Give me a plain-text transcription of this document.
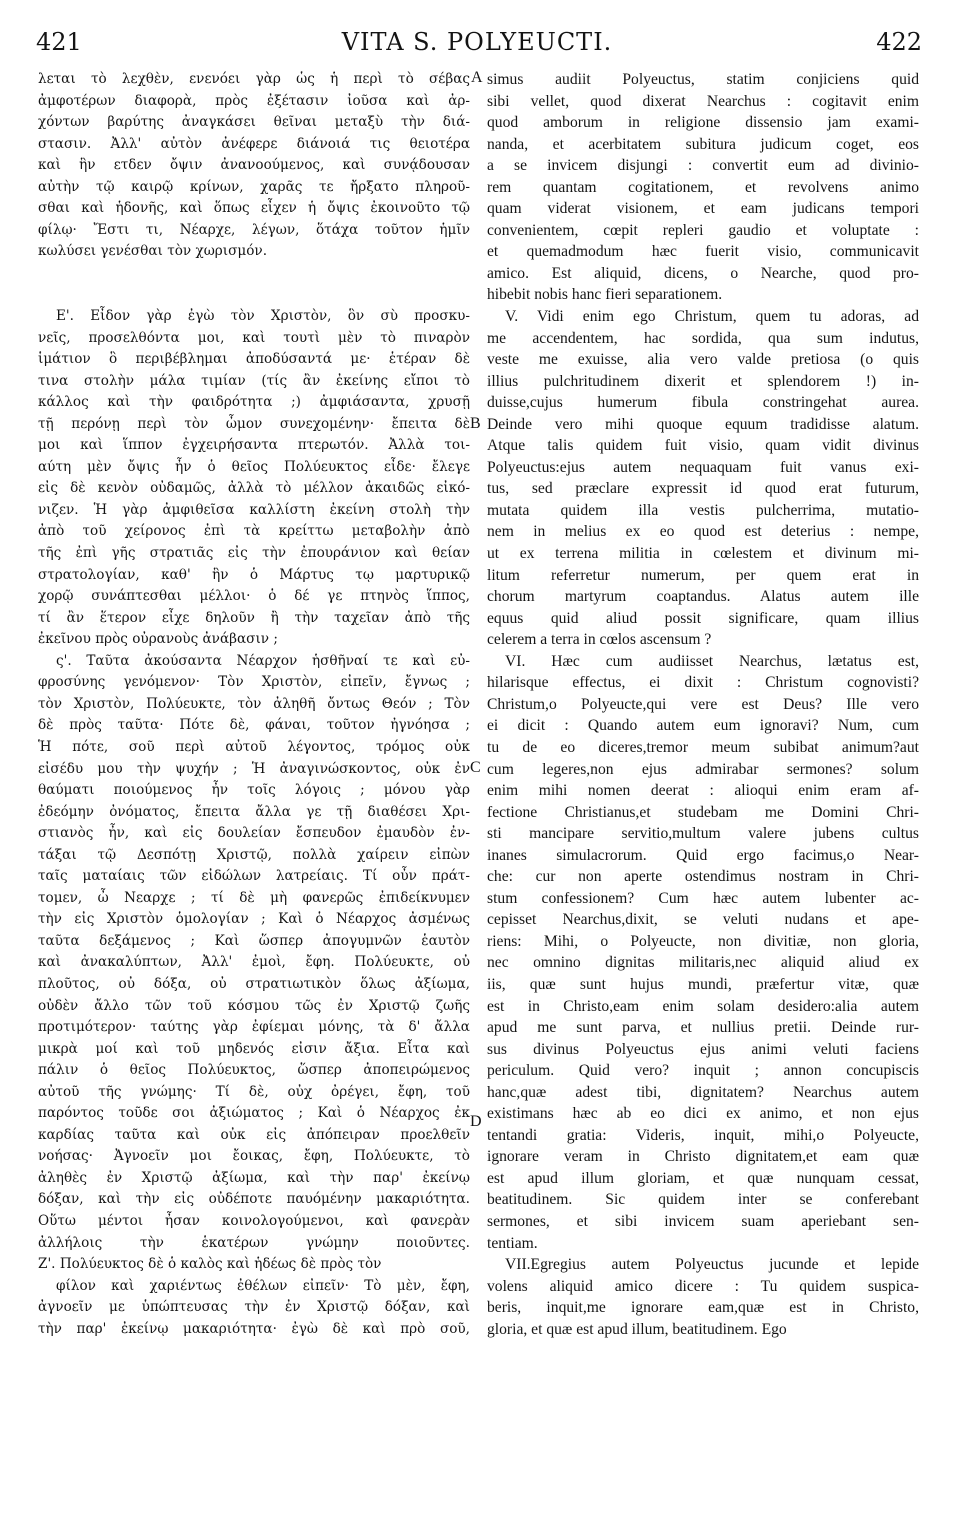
421	VITA S. POLYEUCTI.	422
λεται τὸ λεχθὲν, ενενόει γὰρ ὡς ἡ περὶ τὸ σέβας
ἀμφοτέρων διαφορὰ, πρὸς ἐξέτασιν ἰοῦσα καὶ ἀρ-
χόντων βαρύτης ἀναγκάσει θεῖναι μεταξὺ τὴν διά-
στασιν. Ἀλλ' αὐτὸν ἀνέφερε διάνοιά τις θειοτέρα
καὶ ἣν ετδεν ὄψιν ἀνανοούμενος, καὶ συνᾴδουσαν
αὐτὴν τῷ καιρῷ κρίνων, χαρᾶς τε ἤρξατο πληροῦ-
σθαι καὶ ἡδονῆς, καὶ ὅπως εἶχεν ἡ ὄψις ἐκοινοῦτο τῷ
φίλῳ· Ἔστι τι, Νέαρχε, λέγων, ὅτάχα τοῦτον ἡμῖν
κωλύσει γενέσθαι τὸν χωρισμόν.
Ε'. Εἶδον γὰρ ἐγὼ τὸν Χριστὸν, ὃν σὺ προσκυ-
νεῖς, προσελθόντα μοι, καὶ τουτὶ μὲν τὸ πιναρὸν
ἱμάτιον ὃ περιβέβλημαι ἀποδύσαντά με· ἑτέραν δὲ
τινα στολὴν μάλα τιμίαν (τίς ἂν ἐκείνης εἴποι τὸ
κάλλος καὶ τὴν φαιδρότητα ;) ἀμφιάσαντα, χρυσῇ
τῇ περόνῃ περὶ τὸν ὦμον συνεχομένην· ἔπειτα δὲ
μοι καὶ ἵππον ἐγχειρήσαντα πτερωτόν. Ἀλλὰ τοι-
αύτη μὲν ὄψις ἦν ὁ θεῖος Πολύευκτος εἶδε· ἔλεγε
εἰς δὲ κενὸν οὐδαμῶς, ἀλλὰ τὸ μέλλον ἀκαιδῶς εἰκό-
νιζεν. Ἡ γὰρ ἀμφιθεῖσα καλλίστη ἐκείνη στολὴ τὴν
ἀπὸ τοῦ χείρονος ἐπὶ τὰ κρείττω μεταβολὴν ἀπὸ
τῆς ἐπὶ γῆς στρατιᾶς εἰς τὴν ἐπουράνιον καὶ θείαν
στρατολογίαν, καθ' ἣν ὁ Μάρτυς τῳ μαρτυρικῷ
χορῷ συνάπτεσθαι μέλλοι· ὁ δέ γε πτηνὸς ἵππος,
τί ἂν ἕτερον εἶχε δηλοῦν ἢ τὴν ταχεῖαν ἀπὸ τῆς
ἐκεῖνου πρὸς οὐρανοὺς ἀνάβασιν ;
ς'. Ταῦτα ἀκούσαντα Νέαρχον ἡσθῆναί τε καὶ εὐ-
φροσύνης γενόμενον· Τὸν Χριστὸν, εἰπεῖν, ἔγνως ;
τὸν Χριστὸν, Πολύευκτε, τὸν ἀληθῆ ὄντως Θεόν ; Τὸν
δὲ πρὸς ταῦτα· Πότε δὲ, φάναι, τοῦτον ἠγνόησα ;
Ἡ πότε, σοῦ περὶ αὐτοῦ λέγοντος, τρόμος οὐκ
εἰσέδυ μου τὴν ψυχήν ; Ἡ ἀναγινώσκοντος, οὐκ ἐν
θαύματι ποιούμενος ἦν τοῖς λόγοις ; μόνου γὰρ
ἐδεόμην ὀνόματος, ἔπειτα ἄλλα γε τῇ διαθέσει Χρι-
στιανὸς ἦν, καὶ εἰς δουλείαν ἔσπευδον ἐμαυδὸν ἐν-
τάξαι τῷ Δεσπότῃ Χριστῷ, πολλὰ χαίρειν εἰπὼν
ταῖς ματαίαις τῶν εἰδώλων λατρείαις. Τί οὖν πράτ-
τομεν, ὦ Νεαρχε ; τί δὲ μὴ φανερῶς ἐπιδείκνυμεν
τὴν εἰς Χριστὸν ὁμολογίαν ; Καὶ ὁ Νέαρχος ἀσμένως
ταῦτα δεξάμενος ; Καὶ ὥσπερ ἀπογυμνῶν ἑαυτὸν
καὶ ἀνακαλύπτων, Ἀλλ' ἐμοὶ, ἔφη. Πολύευκτε, οὐ
πλοῦτος, οὐ δόξα, οὐ στρατιωτικὸν ὅλως ἀξίωμα,
οὐδὲν ἄλλο τῶν τοῦ κόσμου τῶς ἐν Χριστῷ ζωῆς
προτιμότερον· ταύτης γὰρ ἐφίεμαι μόνης, τὰ δ' ἄλλα
μικρὰ μοί καὶ τοῦ μηδενός εἰσιν ἄξια. Εἶτα καὶ
πάλιν ὁ θεῖος Πολύευκτος, ὥσπερ ἀποπειρώμενος
αὐτοῦ τῆς γνώμης· Τί δὲ, οὐχ ὀρέγει, ἔφη, τοῦ
παρόντος τοῦδε σοι ἀξιώματος ; Καὶ ὁ Νέαρχος ἐκ
καρδίας ταῦτα καὶ οὐκ εἰς ἀπόπειραν προελθεῖν
νοήσας· Ἀγνοεῖν μοι ἔοικας, ἔφη, Πολύευκτε, τὸ
ἀληθὲς ἐν Χριστῷ ἀξίωμα, καὶ τὴν παρ' ἐκείνῳ
δόξαν, καὶ τὴν εἰς οὐδέποτε παυόμένην μακαριότητα.
Οὕτω μέντοι ἦσαν κοινολογούμενοι, καὶ φανερὰν
ἀλλήλοις τὴν ἑκατέρων γνώμην ποιοῦντες.
Ζ'. Πολύευκτος δὲ ὁ καλὸς καὶ ἡδέως δὲ πρὸς τὸν
φίλον καὶ χαριέντως ἐθέλων εἰπεῖν· Τὸ μὲν, ἔφη,
ἀγνοεῖν με ὑπώπτευσας τὴν ἐν Χριστῷ δόξαν, καὶ
τὴν παρ' ἐκείνῳ μακαριότητα· ἐγὼ δὲ καὶ πρὸ σοῦ,
simus audiit Polyeuctus, statim conjiciens quid
sibi vellet, quod dixerat Nearchus : cogitavit enim
quod amborum in religione dissensio jam exami-
nanda, et acerbitatem subitura judicum coget, eos
a se invicem disjungi : convertit eum ad divinio-
rem quantam cogitationem, et revolvens animo
quam viderat visionem, et eam judicans tempori
convenientem, cœpit repleri gaudio et voluptate :
et quemadmodum hæc fuerit visio, communicavit
amico. Est aliquid, dicens, o Nearche, quod pro-
hibebit nobis hanc fieri separationem.
V. Vidi enim ego Christum, quem tu adoras, ad
me accendentem, hac sordida, qua sum indutus,
veste me exuisse, alia vero valde pretiosa (o quis
illius pulchritudinem dixerit et splendorem !) in-
duisse,cujus humerum fibula constringehat aurea.
Deinde vero mihi quoque equum tradidisse alatum.
Atque talis quidem fuit visio, quam vidit divinus
Polyeuctus:ejus autem nequaquam fuit vanus exi-
tus, sed præclare expressit id quod erat futurum,
mutata quidem illa vestis pulcherrima, mutatio-
nem in melius ex eo quod est deterius : nempe,
ut ex terrena militia in cœlestem et divinum mi-
litum referretur numerum, per quem erat in
chorum martyrum coaptandus. Alatus autem ille
equus quid aliud possit significare, quam illius
celerem a terra in cœlos ascensum ?
VI. Hæc cum audiisset Nearchus, lætatus est,
hilarisque effectus, ei dixit : Christum cognovisti?
Christum,o Polyeucte,qui vere est Deus? Ille vero
ei dicit : Quando autem eum ignoravi? Num, cum
tu de eo diceres,tremor meum subibat animum?aut
cum legeres,non ejus admirabar sermones? solum
enim mihi nomen deerat : alioqui enim eram af-
fectione Christianus,et studebam me Domini Chri-
sti mancipare servitio,multum valere jubens cultus
inanes simulacrorum. Quid ergo facimus,o Near-
che: cur non aperte ostendimus nostram in Chri-
stum confessionem? Cum hæc autem lubenter ac-
cepisset Nearchus,dixit, se veluti nudans et ape-
riens: Mihi, o Polyeucte, non divitiæ, non gloria,
nec omnino dignitas militaris,nec aliquid aliud ex
iis, quæ sunt hujus mundi, præfertur vitæ, quæ
est in Christo,eam enim solam desidero:alia autem
apud me sunt parva, et nullius pretii. Deinde rur-
sus divinus Polyeuctus ejus animi veluti faciens
periculum. Quid vero? inquit ; annon concupiscis
hanc,quæ adest tibi, dignitatem? Nearchus autem
existimans hæc ab eo dici ex animo, et non ejus
tentandi gratia: Videris, inquit, mihi,o Polyeucte,
ignorare veram in Christo dignitatem,et eam quæ
est apud illum gloriam, et quæ nunquam cessat,
beatitudinem. Sic quidem inter se conferebant
sermones, et sibi invicem suam aperiebant sen-
tentiam.
VII.Egregius autem Polyeuctus jucunde et lepide
volens aliquid amico dicere : Tu quidem suspica-
beris, inquit,me ignorare eam,quæ est in Christo,
gloria, et quæ est apud illum, beatitudinem. Ego
A
B
C
D
